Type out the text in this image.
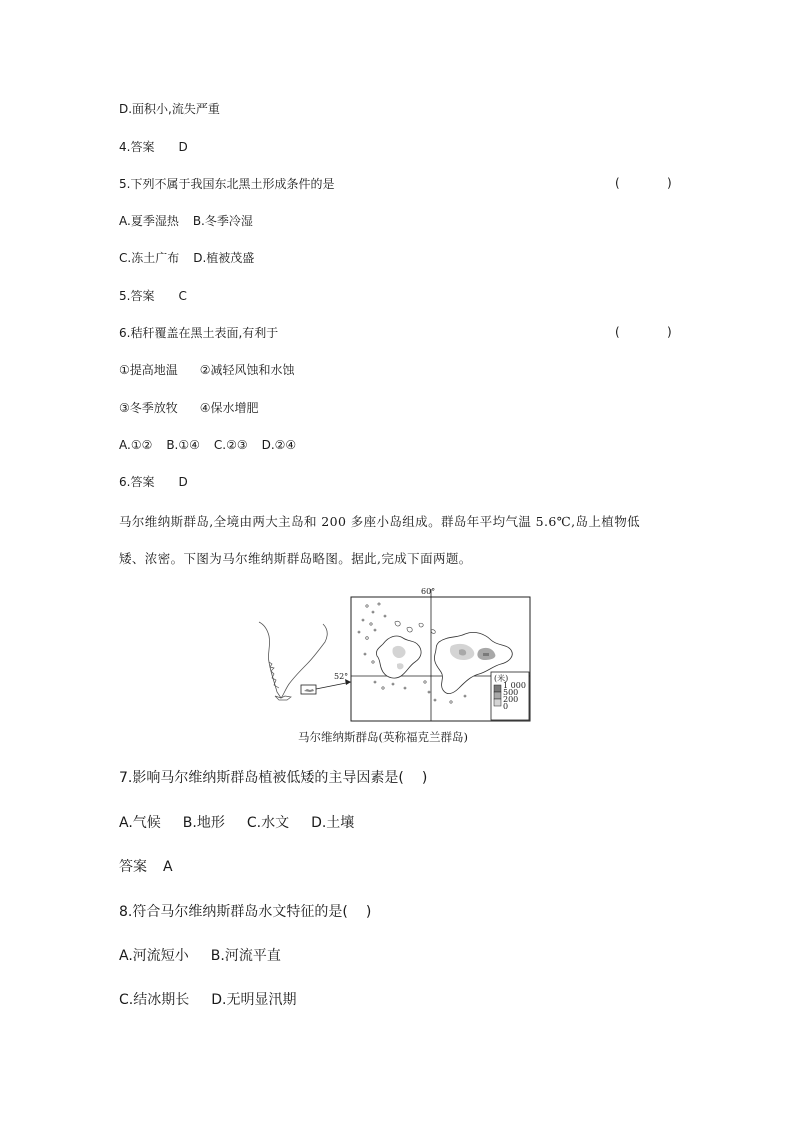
D.面积小,流失严重
4.答案 D
5.下列不属于我国东北黑土形成条件的是	(	)
A.夏季湿热 B.冬季冷湿
C.冻土广布 D.植被茂盛
5.答案 C
6.秸秆覆盖在黑土表面,有利于	(	)
①提高地温 ②减轻风蚀和水蚀
③冬季放牧 ④保水增肥
A.①② B.①④ C.②③ D.②④
6.答案 D
马尔维纳斯群岛,全境由两大主岛和 200 多座小岛组成。群岛年平均气温 5.6℃,岛上植物低
矮、浓密。下图为马尔维纳斯群岛略图。据此,完成下面两题。
60°
52°	(米)
1 000
500
200
0
马尔维纳斯群岛(英称福克兰群岛)
7.影响马尔维纳斯群岛植被低矮的主导因素是( )
A.气候 B.地形 C.水文 D.土壤
答案 A
8.符合马尔维纳斯群岛水文特征的是( )
A.河流短小 B.河流平直
C.结冰期长 D.无明显汛期
